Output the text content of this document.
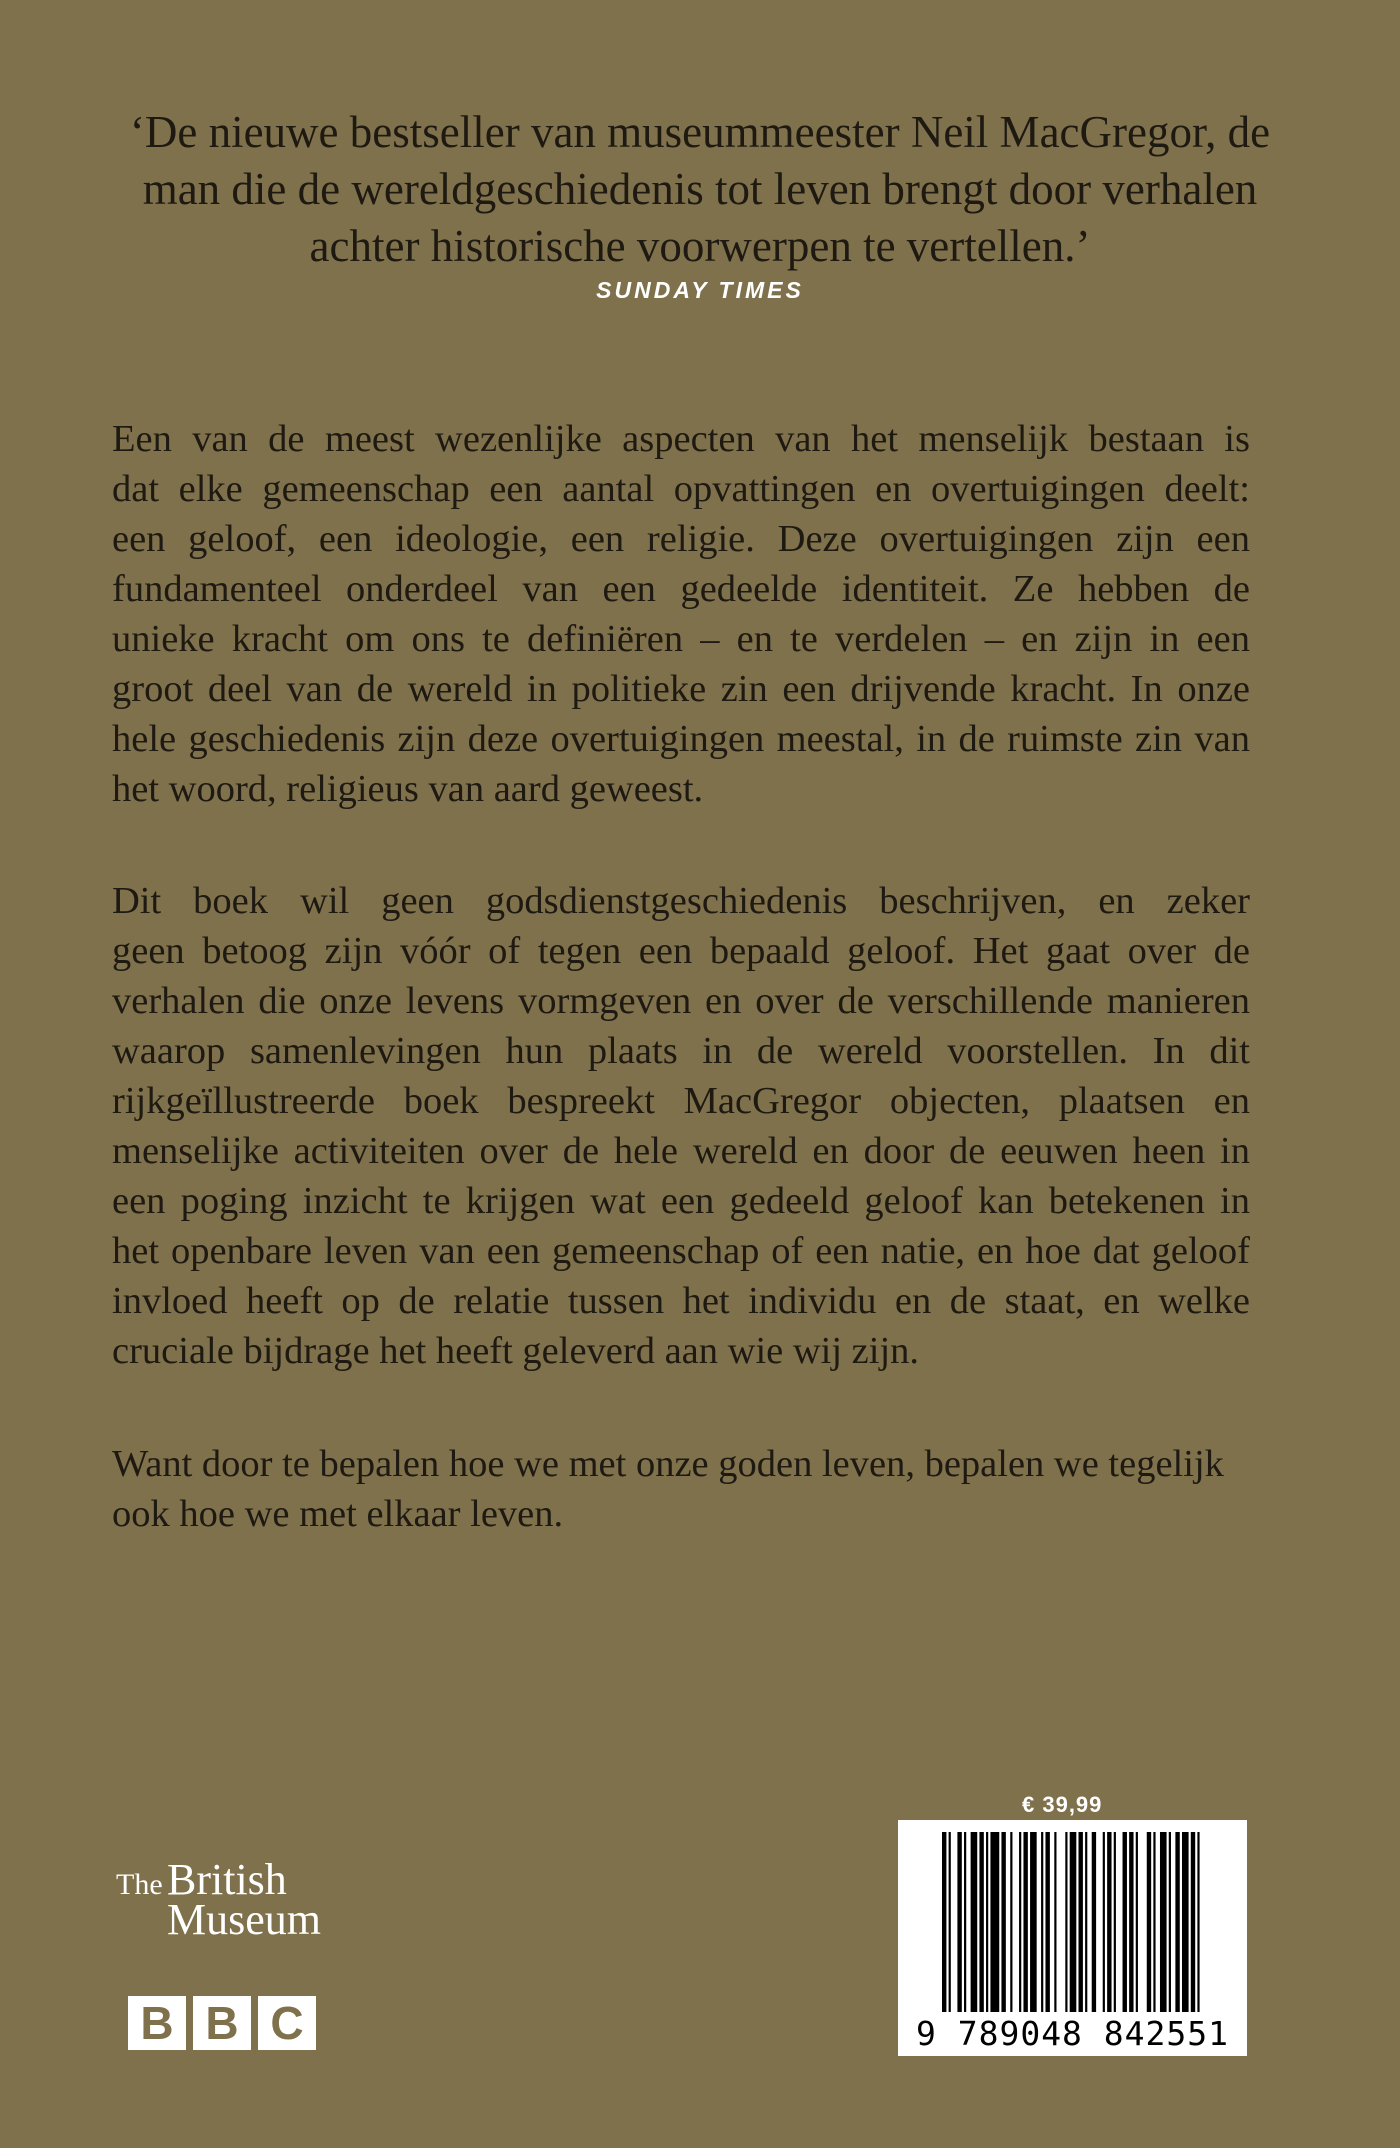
‘De nieuwe bestseller van museummeester Neil MacGregor, de

man die de wereldgeschiedenis tot leven brengt door verhalen

achter historische voorwerpen te vertellen.’

SUNDAY TIMES
Een van de meest wezenlijke aspecten van het menselijk bestaan is
dat elke gemeenschap een aantal opvattingen en overtuigingen deelt:
een geloof, een ideologie, een religie. Deze overtuigingen zijn een
fundamenteel onderdeel van een gedeelde identiteit. Ze hebben de
unieke kracht om ons te definiëren – en te verdelen – en zijn in een
groot deel van de wereld in politieke zin een drijvende kracht. In onze
hele geschiedenis zijn deze overtuigingen meestal, in de ruimste zin van
het woord, religieus van aard geweest.
Dit boek wil geen godsdienstgeschiedenis beschrijven, en zeker
geen betoog zijn vóór of tegen een bepaald geloof. Het gaat over de
verhalen die onze levens vormgeven en over de verschillende manieren
waarop samenlevingen hun plaats in de wereld voorstellen. In dit
rijkgeïllustreerde boek bespreekt MacGregor objecten, plaatsen en
menselijke activiteiten over de hele wereld en door de eeuwen heen in
een poging inzicht te krijgen wat een gedeeld geloof kan betekenen in
het openbare leven van een gemeenschap of een natie, en hoe dat geloof
invloed heeft op de relatie tussen het individu en de staat, en welke
cruciale bijdrage het heeft geleverd aan wie wij zijn.
Want door te bepalen hoe we met onze goden leven, bepalen we tegelijk
ook hoe we met elkaar leven.
€ 39,99
9 789048 842551
The British
Museum
B B C
